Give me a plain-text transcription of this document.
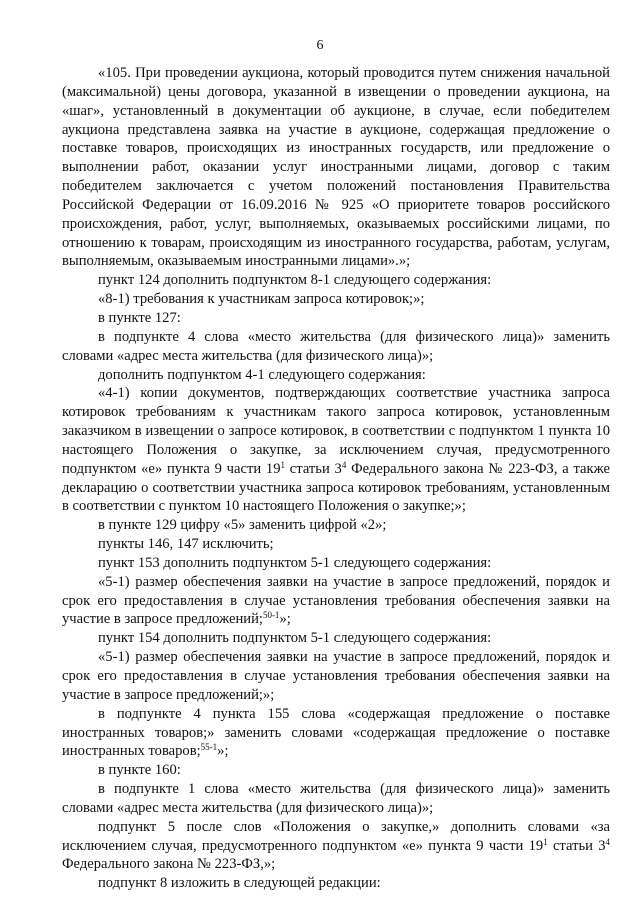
6

«105. При проведении аукциона, который проводится путем снижения начальной (максимальной) цены договора, указанной в извещении о проведении аукциона, на «шаг», установленный в документации об аукционе, в случае, если победителем аукциона представлена заявка на участие в аукционе, содержащая предложение о поставке товаров, происходящих из иностранных государств, или предложение о выполнении работ, оказании услуг иностранными лицами, договор с таким победителем заключается с учетом положений постановления Правительства Российской Федерации от 16.09.2016 № 925 «О приоритете товаров российского происхождения, работ, услуг, выполняемых, оказываемых российскими лицами, по отношению к товарам, происходящим из иностранного государства, работам, услугам, выполняемым, оказываемым иностранными лицами».»;

пункт 124 дополнить подпунктом 8-1 следующего содержания:

«8-1) требования к участникам запроса котировок;»;

в пункте 127:

в подпункте 4 слова «место жительства (для физического лица)» заменить словами «адрес места жительства (для физического лица)»;

дополнить подпунктом 4-1 следующего содержания:

«4-1) копии документов, подтверждающих соответствие участника запроса котировок требованиям к участникам такого запроса котировок, установленным заказчиком в извещении о запросе котировок, в соответствии с подпунктом 1 пункта 10 настоящего Положения о закупке, за исключением случая, предусмотренного подпунктом «е» пункта 9 части $19^1$ статьи $3^4$ Федерального закона № 223-ФЗ, а также декларацию о соответствии участника запроса котировок требованиям, установленным в соответствии с пунктом 10 настоящего Положения о закупке;»;

в пункте 129 цифру «5» заменить цифрой «2»;

пункты 146, 147 исключить;

пункт 153 дополнить подпунктом 5-1 следующего содержания:

«5-1) размер обеспечения заявки на участие в запросе предложений, порядок и срок его предоставления в случае установления требования обеспечения заявки на участие в запросе предложений;$^{50-1}$»;

пункт 154 дополнить подпунктом 5-1 следующего содержания:

«5-1) размер обеспечения заявки на участие в запросе предложений, порядок и срок его предоставления в случае установления требования обеспечения заявки на участие в запросе предложений;»;

в подпункте 4 пункта 155 слова «содержащая предложение о поставке иностранных товаров;» заменить словами «содержащая предложение о поставке иностранных товаров;$^{55-1}$»;

в пункте 160:

в подпункте 1 слова «место жительства (для физического лица)» заменить словами «адрес места жительства (для физического лица)»;

подпункт 5 после слов «Положения о закупке,» дополнить словами «за исключением случая, предусмотренного подпунктом «е» пункта 9 части $19^1$ статьи $3^4$ Федерального закона № 223-ФЗ,»;

подпункт 8 изложить в следующей редакции:
